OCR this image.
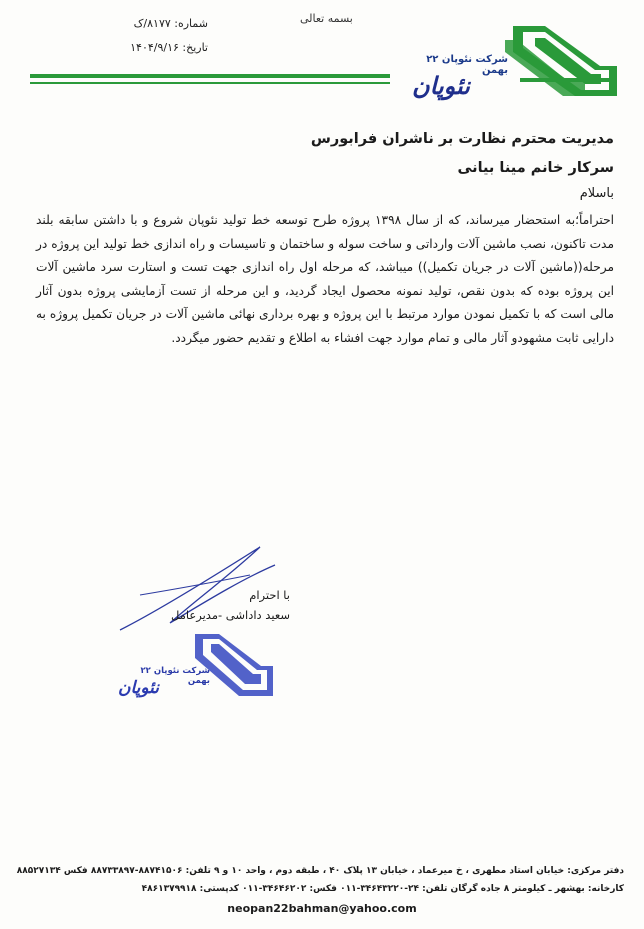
بسمه تعالی
شماره: ۸۱۷۷/ک
تاریخ: ۱۴۰۴/۹/۱۶
شرکت نئوپان ۲۲ بهمن
نئوپان
مدیریت محترم نظارت بر ناشران فرابورس
سرکار خانم مینا بیانی
باسلام
احتراماً؛به استحضار میرساند، که از سال ۱۳۹۸ پروژه طرح توسعه خط تولید نئوپان شروع و با داشتن سابقه بلند مدت تاکنون، نصب ماشین آلات وارداتی و ساخت سوله و ساختمان و تاسیسات و راه اندازی خط تولید این پروژه در مرحله((ماشین آلات در جریان تکمیل)) میباشد، که مرحله اول راه اندازی جهت تست و استارت سرد ماشین آلات این پروژه بوده که بدون نقص، تولید نمونه محصول ایجاد گردید، و این مرحله از تست آزمایشی پروژه بدون آثار مالی است که با تکمیل نمودن موارد مرتبط با این پروژه و بهره برداری نهائی ماشین آلات در جریان تکمیل پروژه به دارایی ثابت مشهودو آثار مالی و تمام موارد جهت افشاء به اطلاع و تقدیم حضور میگردد.
با احترام
سعید داداشی -مدیرعامل
شرکت نئوپان ۲۲ بهمن
نئوپان
دفتر مرکزی: خیابان استاد مطهری ، خ میرعماد ، خیابان ۱۳ پلاک ۴۰ ، طبقه دوم ، واحد ۱۰ و ۹ تلفن: ۸۸۷۴۱۵۰۶-۸۸۷۳۳۸۹۷ فکس ۸۸۵۲۷۱۳۴
کارخانه: بهشهر ـ کیلومتر ۸ جاده گرگان تلفن: ۲۴-۳۴۶۴۳۲۲۰-۰۱۱ فکس: ۳۴۶۴۶۲۰۲-۰۱۱ کدپستی: ۴۸۶۱۳۷۹۹۱۸
neopan22bahman@yahoo.com
